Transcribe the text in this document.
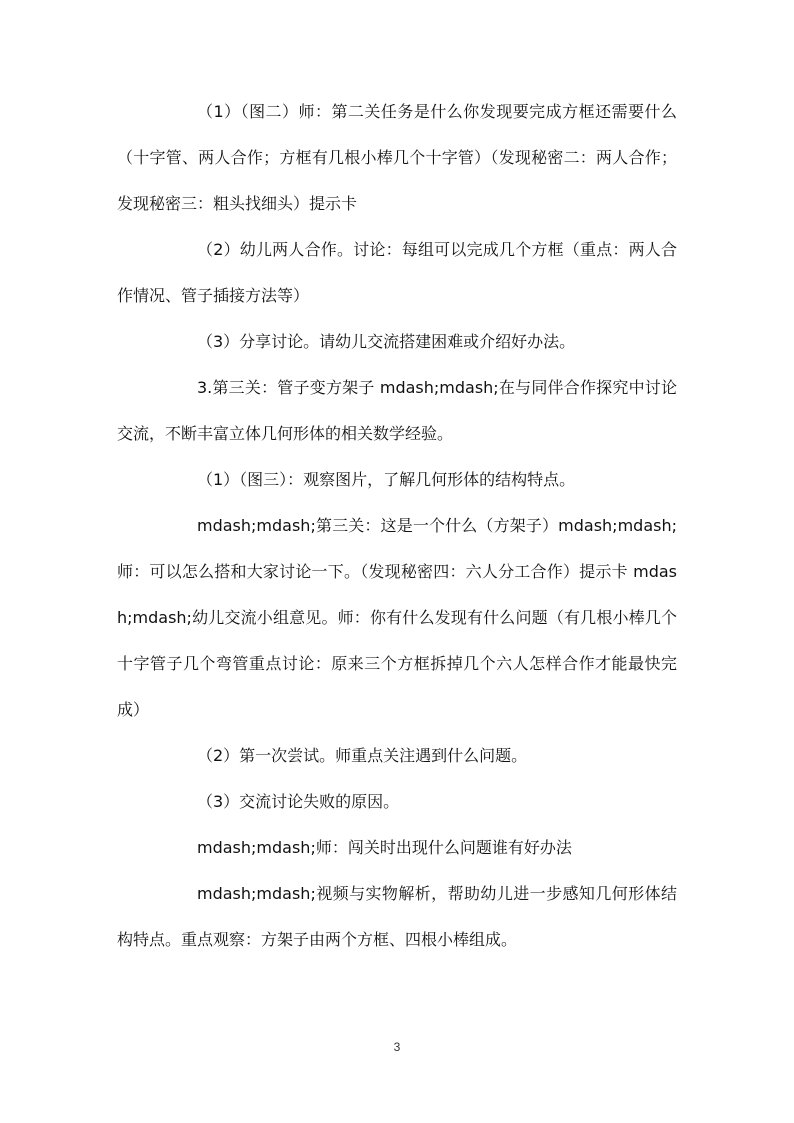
（1）（图二）师：第二关任务是什么你发现要完成方框还需要什么（十字管、两人合作；方框有几根小棒几个十字管）（发现秘密二：两人合作；发现秘密三：粗头找细头）提示卡

（2）幼儿两人合作。讨论：每组可以完成几个方框（重点：两人合作情况、管子插接方法等）

（3）分享讨论。请幼儿交流搭建困难或介绍好办法。

3.第三关：管子变方架子 mdash;mdash;在与同伴合作探究中讨论交流，不断丰富立体几何形体的相关数学经验。

（1）（图三）：观察图片，了解几何形体的结构特点。

mdash;mdash;第三关：这是一个什么（方架子）mdash;mdash;师：可以怎么搭和大家讨论一下。（发现秘密四：六人分工合作）提示卡 mdash;mdash;幼儿交流小组意见。师：你有什么发现有什么问题（有几根小棒几个十字管子几个弯管重点讨论：原来三个方框拆掉几个六人怎样合作才能最快完成）

（2）第一次尝试。师重点关注遇到什么问题。

（3）交流讨论失败的原因。

mdash;mdash;师：闯关时出现什么问题谁有好办法

mdash;mdash;视频与实物解析，帮助幼儿进一步感知几何形体结构特点。重点观察：方架子由两个方框、四根小棒组成。

3
